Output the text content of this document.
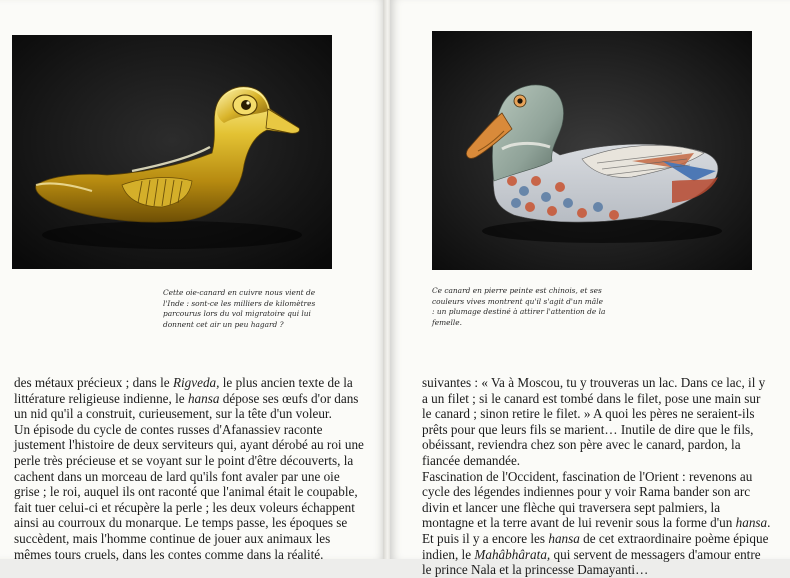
Cette oie-canard en cuivre nous vient de l'Inde : sont-ce les milliers de kilomètres parcourus lors du vol migratoire qui lui donnent cet air un peu hagard ?

des métaux précieux ; dans le Rigveda, le plus ancien texte de la littérature religieuse indienne, le hansa dépose ses œufs d'or dans un nid qu'il a construit, curieusement, sur la tête d'un voleur.

Un épisode du cycle de contes russes d'Afanassiev raconte justement l'histoire de deux serviteurs qui, ayant dérobé au roi une perle très précieuse et se voyant sur le point d'être découverts, la cachent dans un morceau de lard qu'ils font avaler par une oie grise ; le roi, auquel ils ont raconté que l'animal était le coupable, fait tuer celui-ci et récupère la perle ; les deux voleurs échappent ainsi au courroux du monarque. Le temps passe, les époques se succèdent, mais l'homme continue de jouer aux animaux les mêmes tours cruels, dans les contes comme dans la réalité.

Ce canard en pierre peinte est chinois, et ses couleurs vives montrent qu'il s'agit d'un mâle : un plumage destiné à attirer l'attention de la femelle.

suivantes : « Va à Moscou, tu y trouveras un lac. Dans ce lac, il y a un filet ; si le canard est tombé dans le filet, pose une main sur le canard ; sinon retire le filet. » A quoi les pères ne seraient-ils prêts pour que leurs fils se marient… Inutile de dire que le fils, obéissant, reviendra chez son père avec le canard, pardon, la fiancée demandée.

Fascination de l'Occident, fascination de l'Orient : revenons au cycle des légendes indiennes pour y voir Rama bander son arc divin et lancer une flèche qui traversera sept palmiers, la montagne et la terre avant de lui revenir sous la forme d'un hansa. Et puis il y a encore les hansa de cet extraordinaire poème épique indien, le Mahâbhârata, qui servent de messagers d'amour entre le prince Nala et la princesse Damayanti…
